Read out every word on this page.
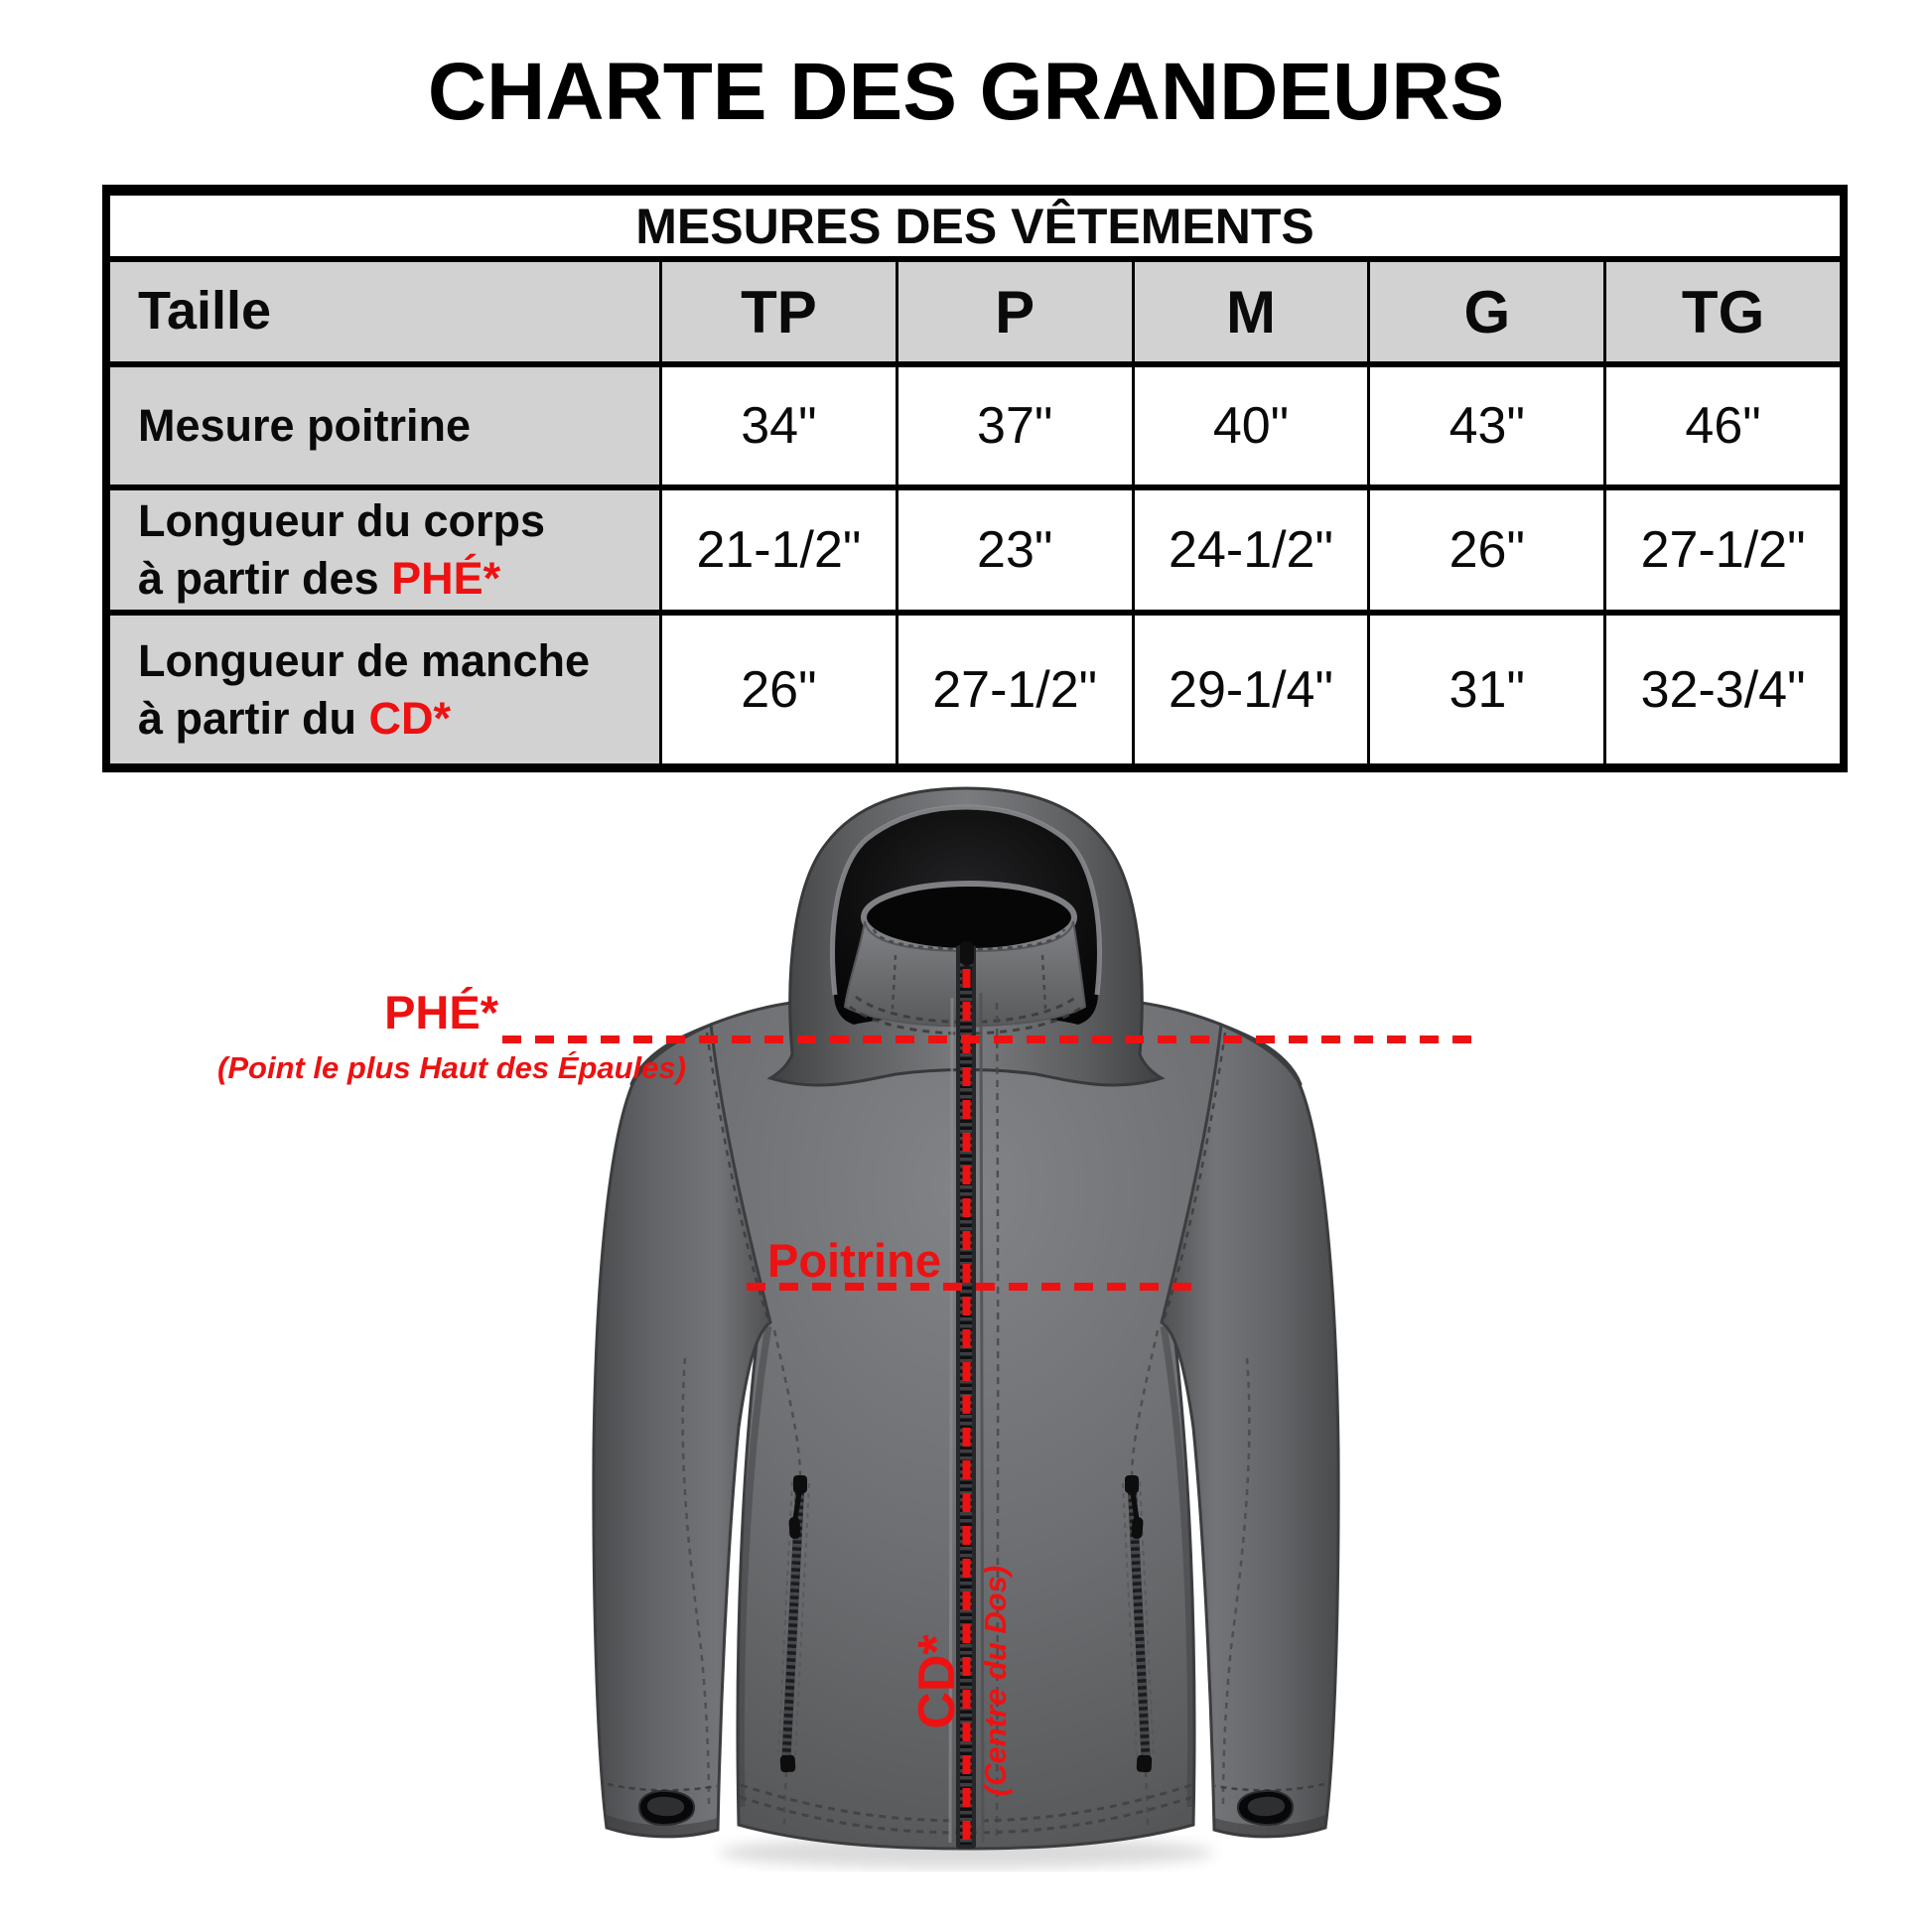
CHARTE DES GRANDEURS
MESURES DES VÊTEMENTS
Taille	TP	P	M	G	TG
Mesure poitrine	34"	37"	40"	43"	46"
Longueur du corps
à partir des PHÉ*	21-1/2"	23"	24-1/2"	26"	27-1/2"
Longueur de manche
à partir du CD*	26"	27-1/2"	29-1/4"	31"	32-3/4"
PHÉ*
(Point le plus Haut des Épaules)
Poitrine
CD* (Centre du Dos)
